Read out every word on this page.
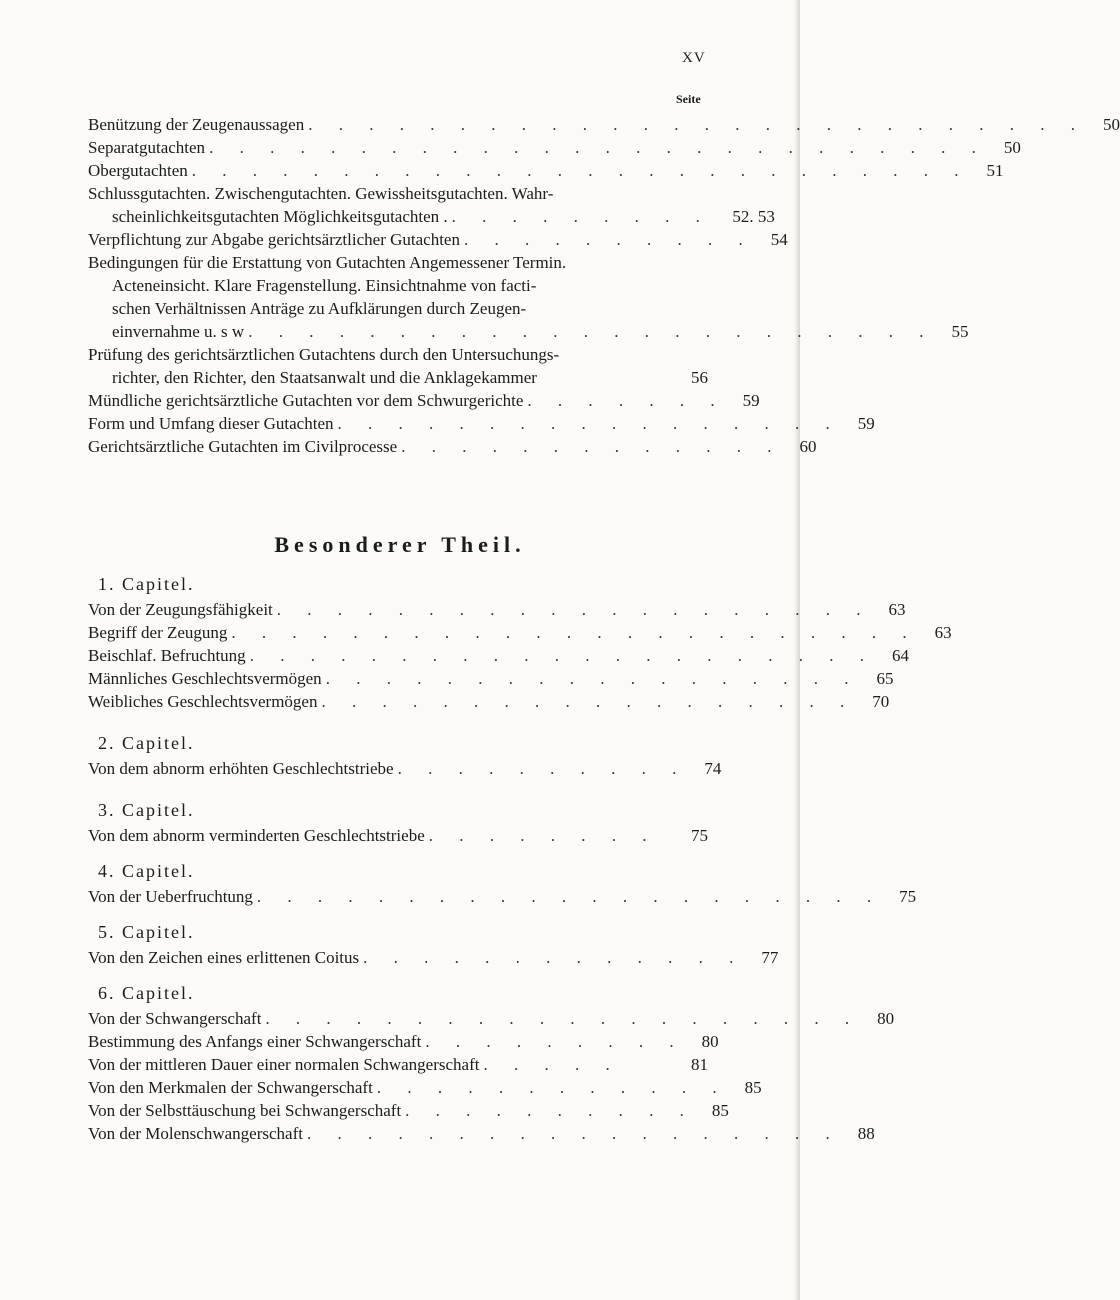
XV
Seite
Benützung der Zeugenaussagen . . . . . . . . . . . . . . . . . . . . . . . . . .	50
Separatgutachten . . . . . . . . . . . . . . . . . . . . . . . . . .	50
Obergutachten . . . . . . . . . . . . . . . . . . . . . . . . . .	51
Schlussgutachten. Zwischengutachten. Gewissheitsgutachten. Wahr-
scheinlichkeitsgutachten Möglichkeitsgutachten . . . . . . . . . .	52. 53
Verpflichtung zur Abgabe gerichtsärztlicher Gutachten . . . . . . . . . .	54
Bedingungen für die Erstattung von Gutachten Angemessener Termin.
Acteneinsicht. Klare Fragenstellung. Einsichtnahme von facti-
schen Verhältnissen Anträge zu Aufklärungen durch Zeugen-
einvernahme u. s w . . . . . . . . . . . . . . . . . . . . . . .	55
Prüfung des gerichtsärztlichen Gutachtens durch den Untersuchungs-
richter, den Richter, den Staatsanwalt und die Anklagekammer	56
Mündliche gerichtsärztliche Gutachten vor dem Schwurgerichte . . . . . . .	59
Form und Umfang dieser Gutachten . . . . . . . . . . . . . . . . .	59
Gerichtsärztliche Gutachten im Civilprocesse . . . . . . . . . . . . .	60
Besonderer Theil.
1. Capitel.
Von der Zeugungsfähigkeit . . . . . . . . . . . . . . . . . . . .	63
Begriff der Zeugung . . . . . . . . . . . . . . . . . . . . . . .	63
Beischlaf. Befruchtung . . . . . . . . . . . . . . . . . . . . .	64
Männliches Geschlechtsvermögen . . . . . . . . . . . . . . . . . .	65
Weibliches Geschlechtsvermögen . . . . . . . . . . . . . . . . . .	70
2. Capitel.
Von dem abnorm erhöhten Geschlechtstriebe . . . . . . . . . .	74
3. Capitel.
Von dem abnorm verminderten Geschlechtstriebe . . . . . . . .	75
4. Capitel.
Von der Ueberfruchtung . . . . . . . . . . . . . . . . . . . . .	75
5. Capitel.
Von den Zeichen eines erlittenen Coitus . . . . . . . . . . . . .	77
6. Capitel.
Von der Schwangerschaft . . . . . . . . . . . . . . . . . . . .	80
Bestimmung des Anfangs einer Schwangerschaft . . . . . . . . .	80
Von der mittleren Dauer einer normalen Schwangerschaft . . . . .	81
Von den Merkmalen der Schwangerschaft . . . . . . . . . . . .	85
Von der Selbsttäuschung bei Schwangerschaft . . . . . . . . . .	85
Von der Molenschwangerschaft . . . . . . . . . . . . . . . . . .	88
